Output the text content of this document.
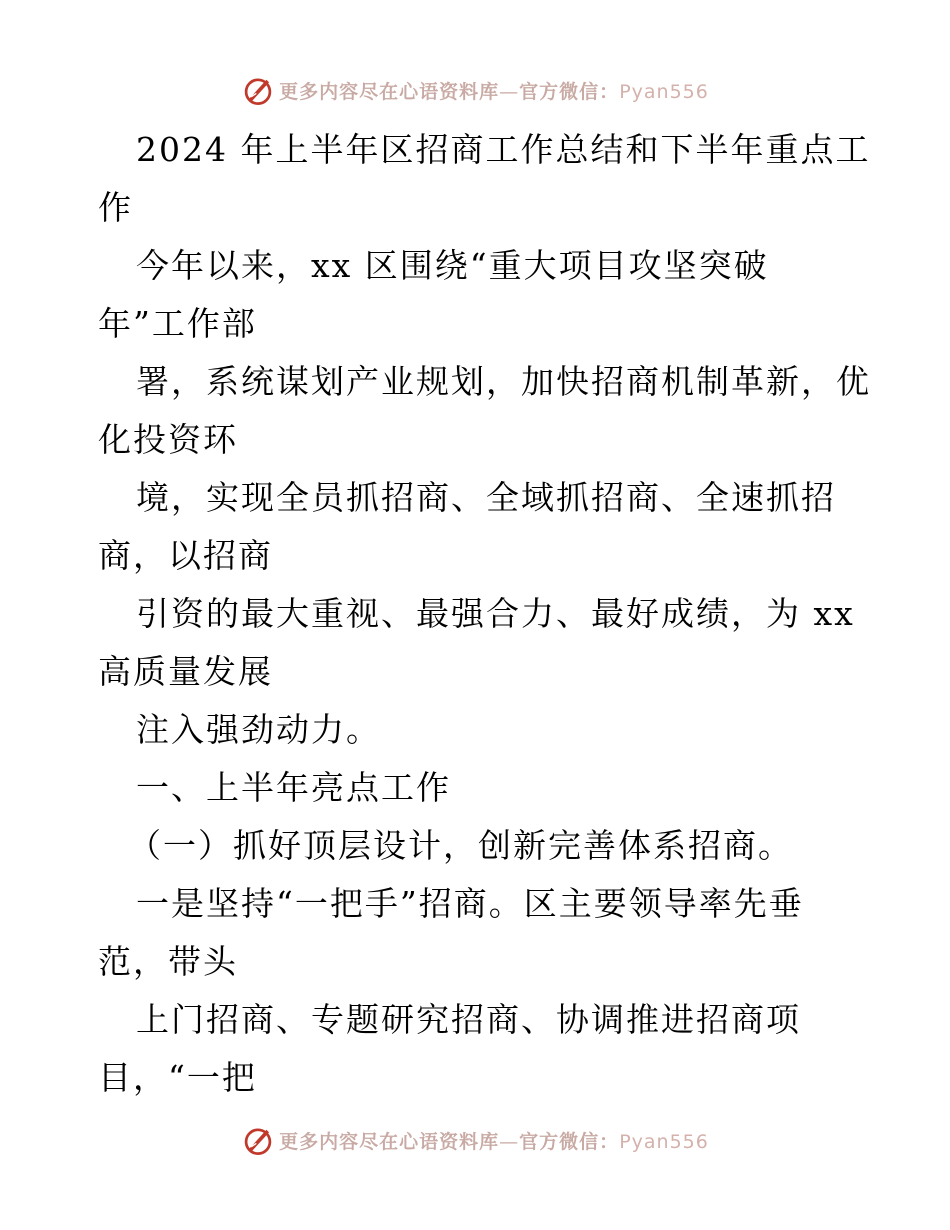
更多内容尽在心语资料库—官方微信：Pyan556
2024 年上半年区招商工作总结和下半年重点工
作
今年以来，xx 区围绕“重大项目攻坚突破
年”工作部
署，系统谋划产业规划，加快招商机制革新，优
化投资环
境，实现全员抓招商、全域抓招商、全速抓招
商，以招商
引资的最大重视、最强合力、最好成绩，为 xx
高质量发展
注入强劲动力。
一、上半年亮点工作
（一）抓好顶层设计，创新完善体系招商。
一是坚持“一把手”招商。区主要领导率先垂
范，带头
上门招商、专题研究招商、协调推进招商项
目，“一把
更多内容尽在心语资料库—官方微信：Pyan556
